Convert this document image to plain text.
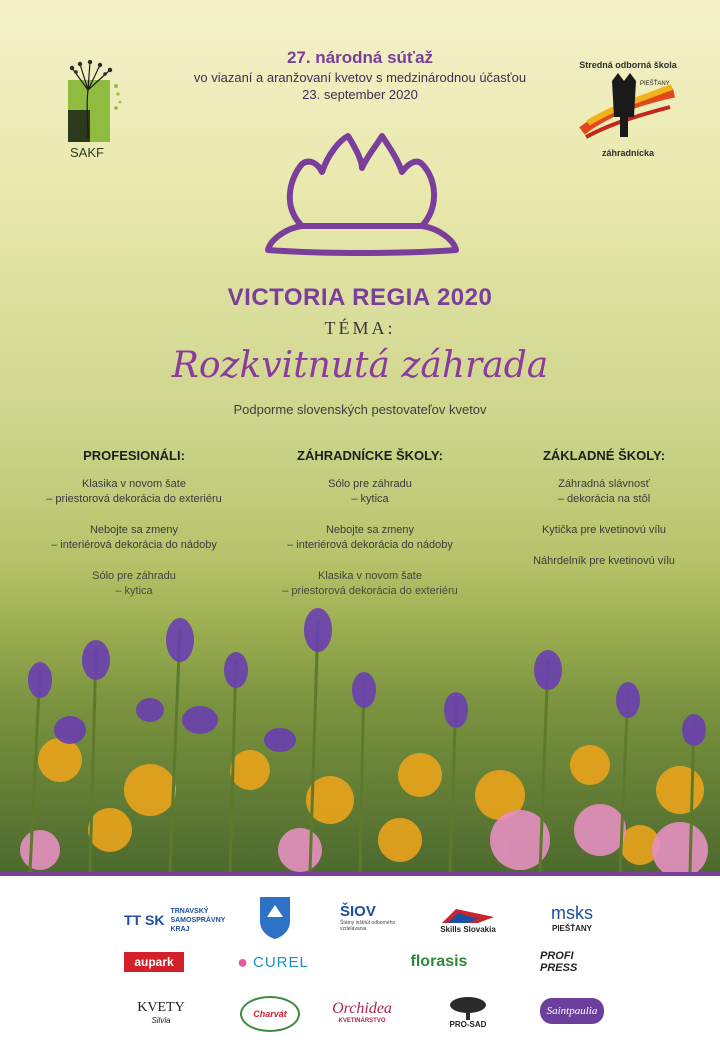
SAKF
27. národná súťaž
vo viazaní a aranžovaní kvetov s medzinárodnou účasťou
23. september 2020
Stredná odborná škola
PIEŠŤANY
záhradnícka
VICTORIA REGIA 2020
TÉMA:
Rozkvitnutá záhrada
Podporme slovenských pestovateľov kvetov
PROFESIONÁLI:
Klasika v novom šate
– priestorová dekorácia do exteriéru
Nebojte sa zmeny
– interiérová dekorácia do nádoby
ZÁHRADNÍCKE ŠKOLY:
Sólo pre záhradu
– kytica
Nebojte sa zmeny
– interiérová dekorácia do nádoby
ZÁKLADNÉ ŠKOLY:
Záhradná slávnosť
– dekorácia na stôl
Kytička pre kvetinovú vílu
TT SK
TRNAVSKÝ SAMOSPRÁVNY KRAJ
ŠIOV
Štátny inštitút odborného vzdelávania	Skills Slovakia
msks
PIEŠŤANY
aupark	● CUREL	florasis	PROFI PRESS
KVETY
Silvia
Charvát	Orchidea
KVETINÁRSTVO	PRO-SAD
Saintpaulia
